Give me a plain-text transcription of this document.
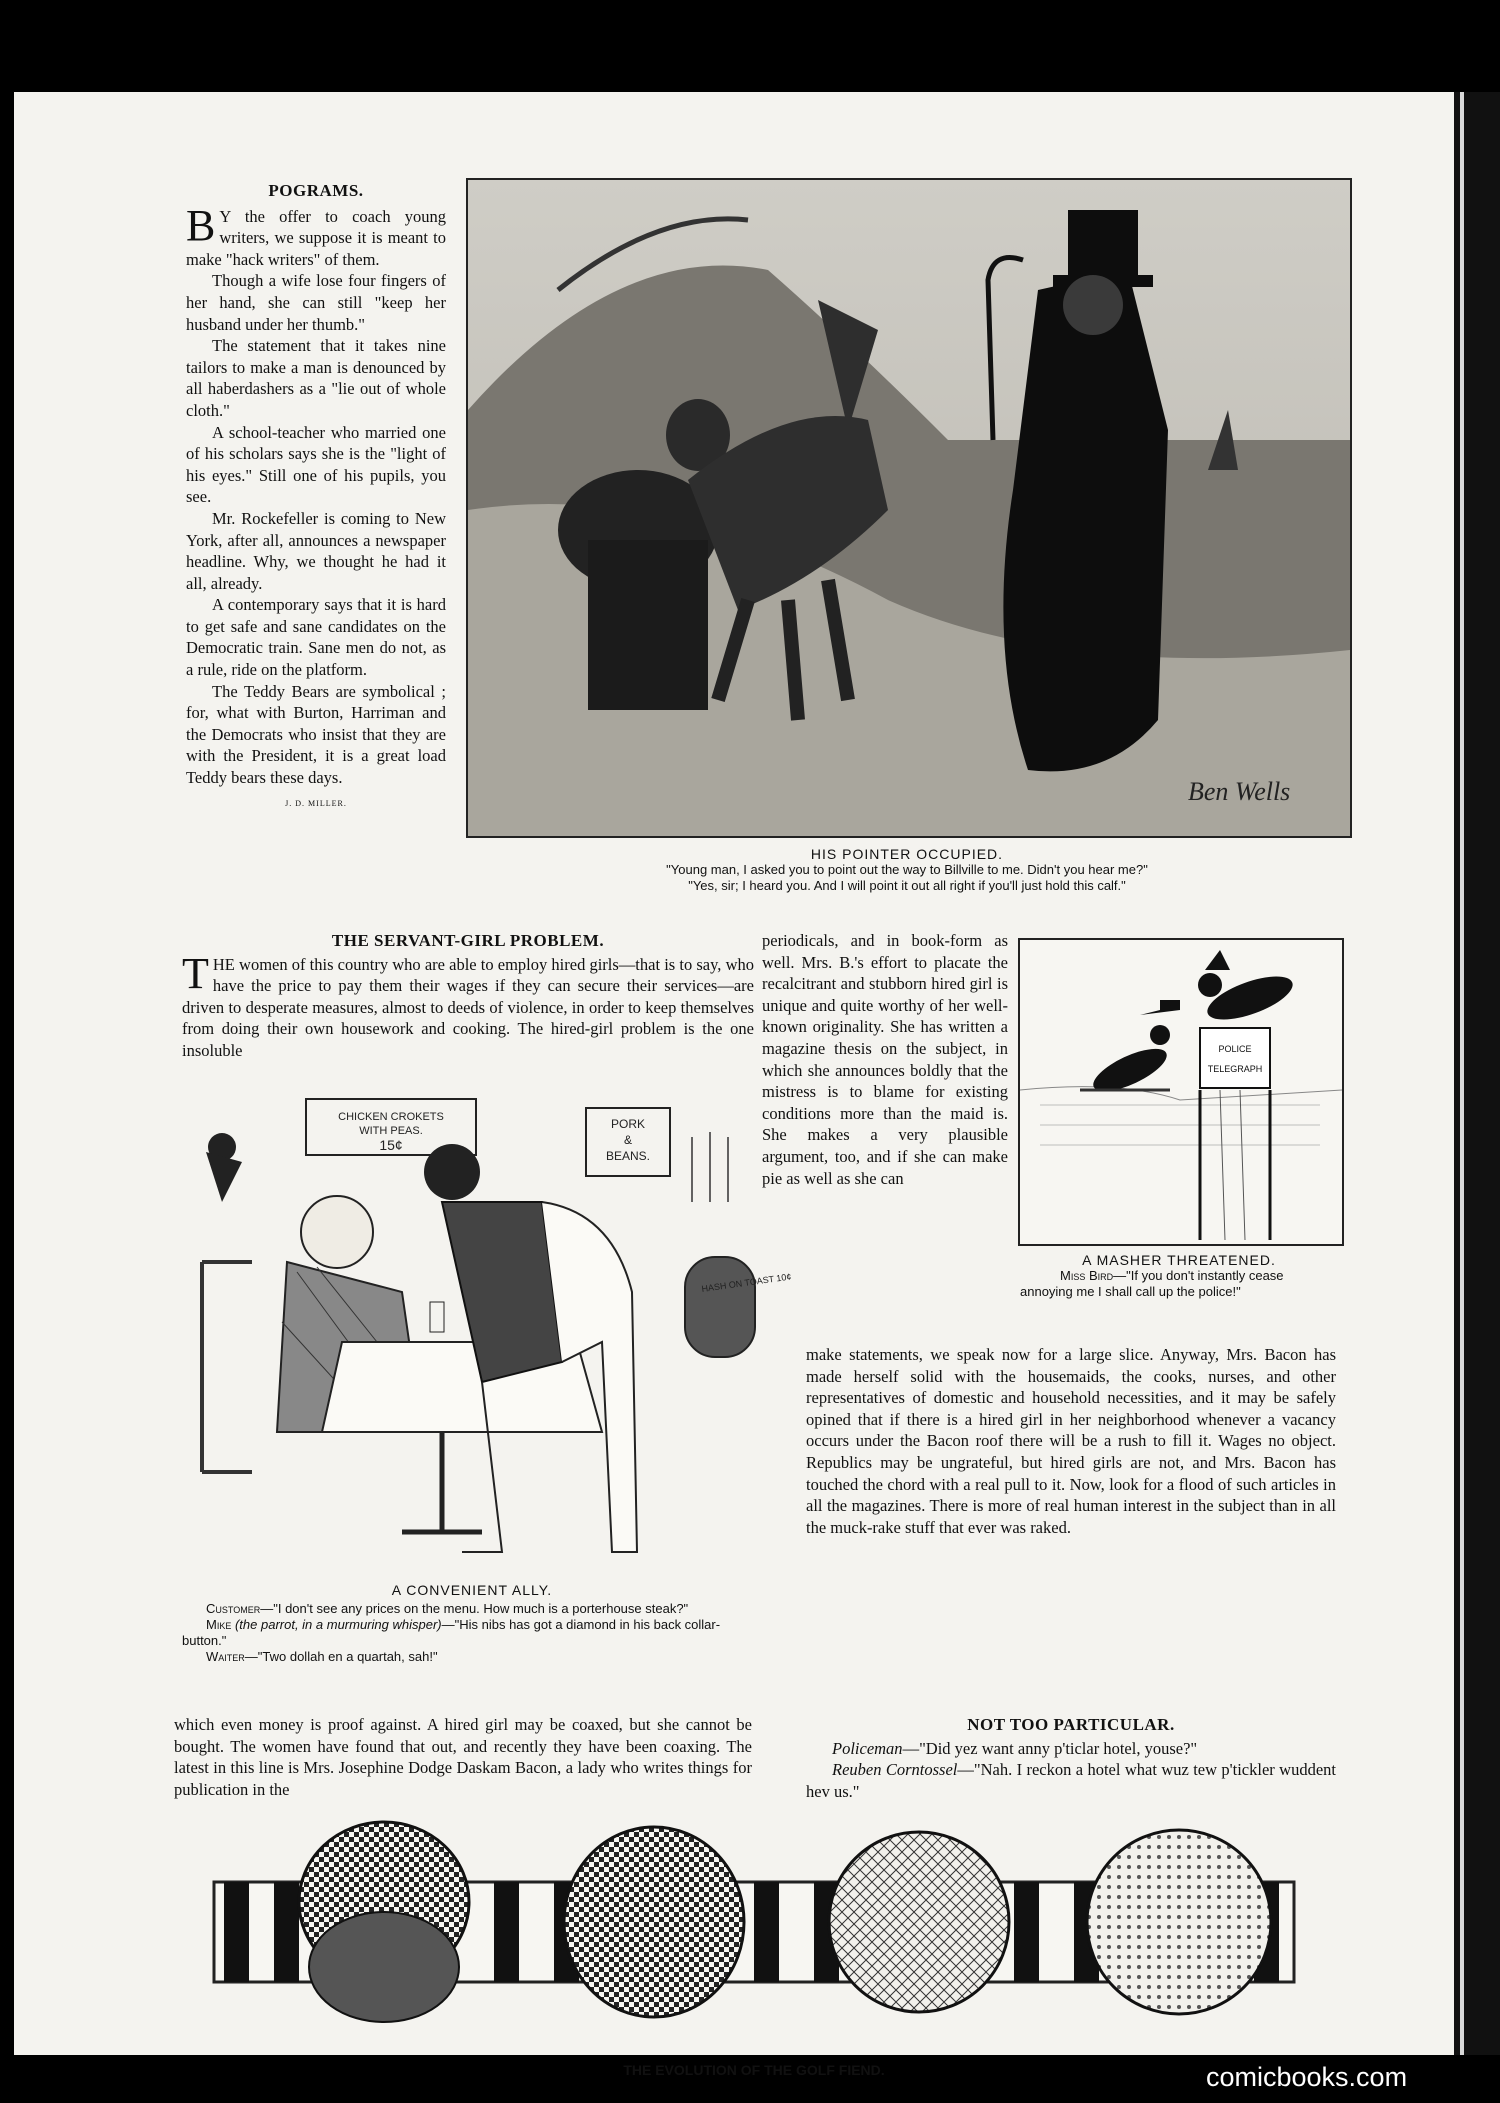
POGRAMS.

B Y the offer to coach young writers, we suppose it is meant to make "hack writers" of them.

Though a wife lose four fingers of her hand, she can still "keep her husband under her thumb."

The statement that it takes nine tailors to make a man is denounced by all haberdashers as a "lie out of whole cloth."

A school-teacher who married one of his scholars says she is the "light of his eyes." Still one of his pupils, you see.

Mr. Rockefeller is coming to New York, after all, announces a newspaper headline. Why, we thought he had it all, already.

A contemporary says that it is hard to get safe and sane candidates on the Democratic train. Sane men do not, as a rule, ride on the platform.

The Teddy Bears are symbolical ; for, what with Burton, Harriman and the Democrats who insist that they are with the President, it is a great load Teddy bears these days.

J. D. MILLER.	Ben Wells
HIS POINTER OCCUPIED.
"Young man, I asked you to point out the way to Billville to me. Didn't you hear me?"
"Yes, sir; I heard you. And I will point it out all right if you'll just hold this calf."
THE SERVANT-GIRL PROBLEM.

THE women of this country who are able to employ hired girls—that is to say, who have the price to pay them their wages if they can secure their services—are driven to desperate measures, almost to deeds of violence, in order to keep themselves from doing their own housework and cooking. The hired-girl problem is the one insoluble

CHICKEN CROKETS
WITH PEAS.
15¢
PORK
&
BEANS.
HASH ON TOAST 10¢
A CONVENIENT ALLY.
Customer—"I don't see any prices on the menu. How much is a porterhouse steak?"
Mike (the parrot, in a murmuring whisper)—"His nibs has got a diamond in his back collar-button."
Waiter—"Two dollah en a quartah, sah!"
which even money is proof against. A hired girl may be coaxed, but she cannot be bought. The women have found that out, and recently they have been coaxing. The latest in this line is Mrs. Josephine Dodge Daskam Bacon, a lady who writes things for publication in the
periodicals, and in book-form as well. Mrs. B.'s effort to placate the recalcitrant and stubborn hired girl is unique and quite worthy of her well-known originality. She has written a magazine thesis on the subject, in which she announces boldly that the mistress is to blame for existing conditions more than the maid is. She makes a very plausible argument, too, and if she can make pie as well as she can
POLICE
TELEGRAPH
A MASHER THREATENED.
Miss Bird—"If you don't instantly cease annoying me I shall call up the police!"
make statements, we speak now for a large slice. Anyway, Mrs. Bacon has made herself solid with the housemaids, the cooks, nurses, and other representatives of domestic and household necessities, and it may be safely opined that if there is a hired girl in her neighborhood whenever a vacancy occurs under the Bacon roof there will be a rush to fill it. Wages no object. Republics may be ungrateful, but hired girls are not, and Mrs. Bacon has touched the chord with a real pull to it. Now, look for a flood of such articles in all the magazines. There is more of real human interest in the subject than in all the muck-rake stuff that ever was raked.
NOT TOO PARTICULAR.

Policeman—"Did yez want anny p'ticlar hotel, youse?"

Reuben Corntossel—"Nah. I reckon a hotel what wuz tew p'tickler wuddent hev us."

THE EVOLUTION OF THE GOLF FIEND.	comicbooks.com
